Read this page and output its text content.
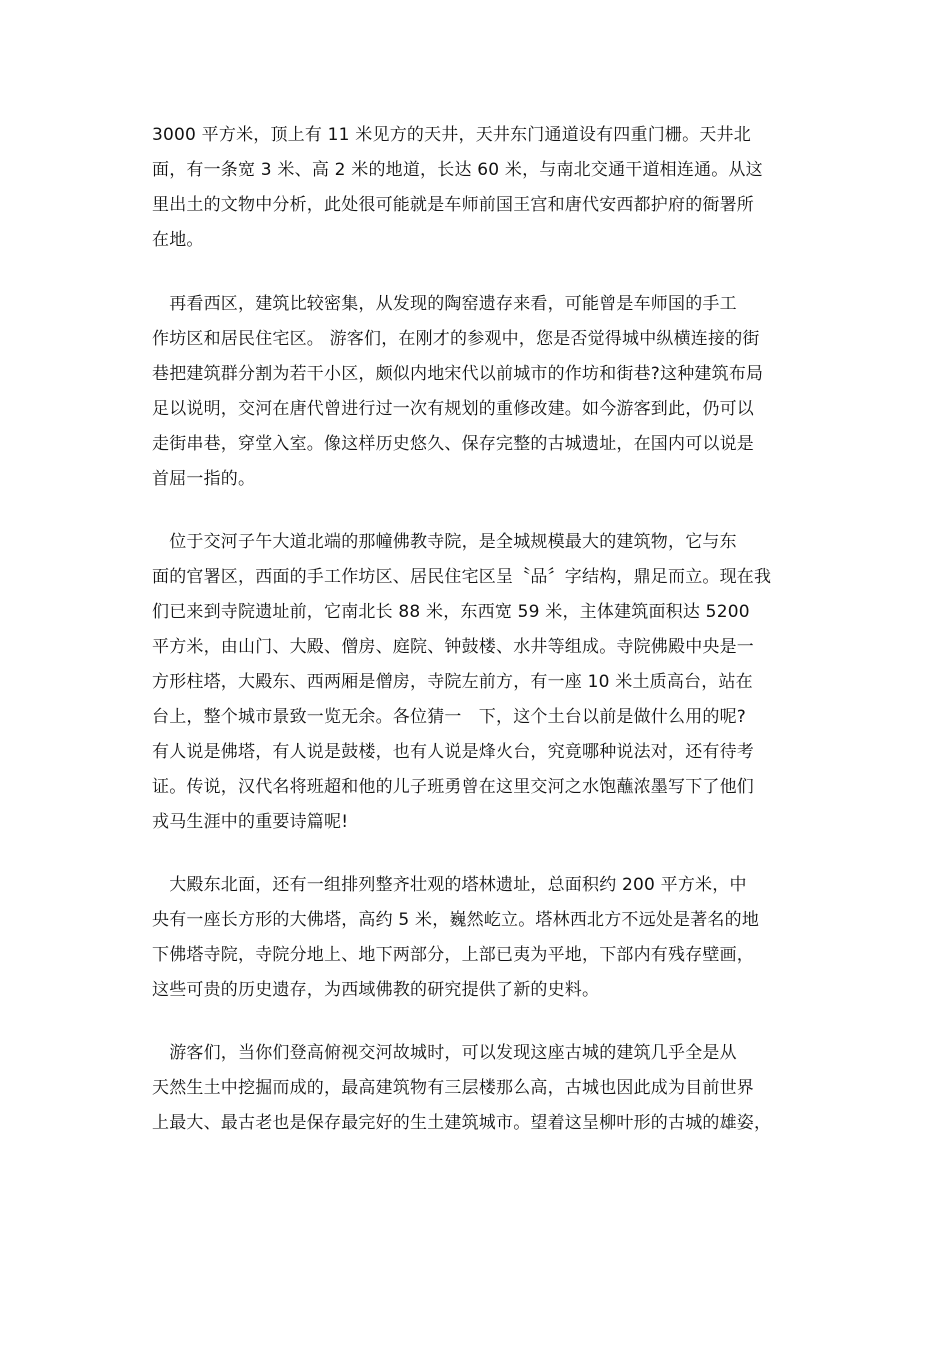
3000 平方米，顶上有 11 米见方的天井，天井东门通道设有四重门栅。天井北
面，有一条宽 3 米、高 2 米的地道，长达 60 米，与南北交通干道相连通。从这
里出土的文物中分析，此处很可能就是车师前国王宫和唐代安西都护府的衙署所
在地。

　再看西区，建筑比较密集，从发现的陶窑遗存来看，可能曾是车师国的手工
作坊区和居民住宅区。 游客们，在刚才的参观中，您是否觉得城中纵横连接的街
巷把建筑群分割为若干小区，颇似内地宋代以前城市的作坊和街巷?这种建筑布局
足以说明，交河在唐代曾进行过一次有规划的重修改建。如今游客到此，仍可以
走街串巷，穿堂入室。像这样历史悠久、保存完整的古城遗址，在国内可以说是
首屈一指的。

　位于交河子午大道北端的那幢佛教寺院，是全城规模最大的建筑物，它与东
面的官署区，西面的手工作坊区、居民住宅区呈〝品〞字结构，鼎足而立。现在我
们已来到寺院遗址前，它南北长 88 米，东西宽 59 米，主体建筑面积达 5200
平方米，由山门、大殿、僧房、庭院、钟鼓楼、水井等组成。寺院佛殿中央是一
方形柱塔，大殿东、西两厢是僧房，寺院左前方，有一座 10 米土质高台，站在
台上，整个城市景致一览无余。各位猜一　下，这个土台以前是做什么用的呢?
有人说是佛塔，有人说是鼓楼，也有人说是烽火台，究竟哪种说法对，还有待考
证。传说，汉代名将班超和他的儿子班勇曾在这里交河之水饱蘸浓墨写下了他们
戎马生涯中的重要诗篇呢!

　大殿东北面，还有一组排列整齐壮观的塔林遗址，总面积约 200 平方米，中
央有一座长方形的大佛塔，高约 5 米，巍然屹立。塔林西北方不远处是著名的地
下佛塔寺院，寺院分地上、地下两部分，上部已夷为平地，下部内有残存壁画，
这些可贵的历史遗存，为西域佛教的研究提供了新的史料。

　游客们，当你们登高俯视交河故城时，可以发现这座古城的建筑几乎全是从
天然生土中挖掘而成的，最高建筑物有三层楼那么高，古城也因此成为目前世界
上最大、最古老也是保存最完好的生土建筑城市。望着这呈柳叶形的古城的雄姿，
